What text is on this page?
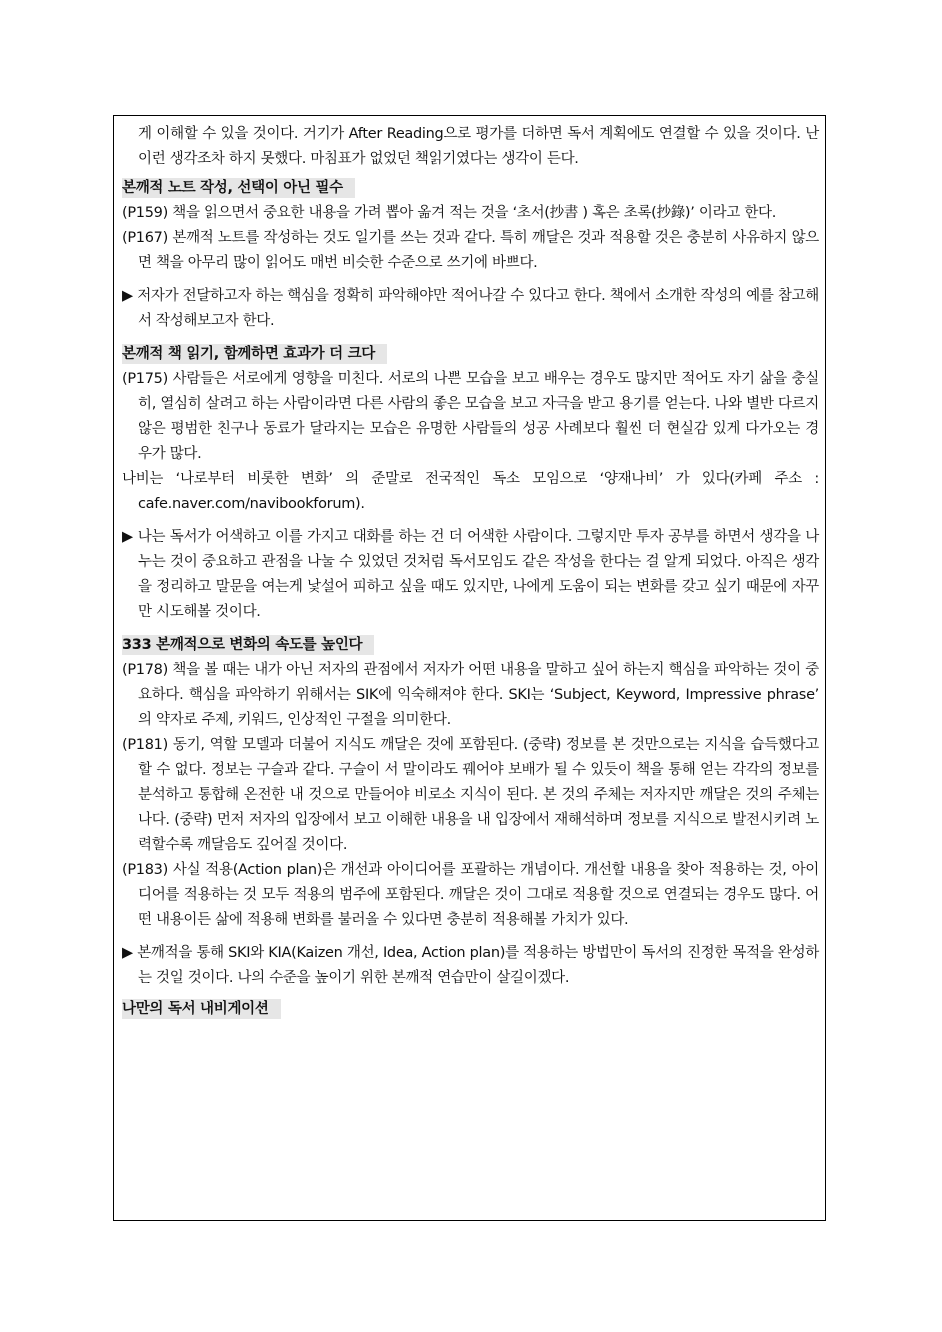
게 이해할 수 있을 것이다. 거기가 After Reading으로 평가를 더하면 독서 계획에도 연결할 수 있을 것이다. 난 이런 생각조차 하지 못했다. 마침표가 없었던 책읽기였다는 생각이 든다.

본깨적 노트 작성, 선택이 아닌 필수

(P159) 책을 읽으면서 중요한 내용을 가려 뽑아 옮겨 적는 것을 ‘초서(抄書 ) 혹은 초록(抄錄)’ 이라고 한다.

(P167) 본깨적 노트를 작성하는 것도 일기를 쓰는 것과 같다. 특히 깨달은 것과 적용할 것은 충분히 사유하지 않으면 책을 아무리 많이 읽어도 매번 비슷한 수준으로 쓰기에 바쁘다.

▶ 저자가 전달하고자 하는 핵심을 정확히 파악해야만 적어나갈 수 있다고 한다. 책에서 소개한 작성의 예를 참고해서 작성해보고자 한다.

본깨적 책 읽기, 함께하면 효과가 더 크다

(P175) 사람들은 서로에게 영향을 미친다. 서로의 나쁜 모습을 보고 배우는 경우도 많지만 적어도 자기 삶을 충실히, 열심히 살려고 하는 사람이라면 다른 사람의 좋은 모습을 보고 자극을 받고 용기를 얻는다. 나와 별반 다르지 않은 평범한 친구나 동료가 달라지는 모습은 유명한 사람들의 성공 사례보다 훨씬 더 현실감 있게 다가오는 경우가 많다.

나비는 ‘나로부터 비롯한 변화’ 의 준말로 전국적인 독소 모임으로 ‘양재나비’ 가 있다(카페 주소 : cafe.naver.com/navibookforum).

▶ 나는 독서가 어색하고 이를 가지고 대화를 하는 건 더 어색한 사람이다. 그렇지만 투자 공부를 하면서 생각을 나누는 것이 중요하고 관점을 나눌 수 있었던 것처럼 독서모임도 같은 작성을 한다는 걸 알게 되었다. 아직은 생각을 정리하고 말문을 여는게 낯설어 피하고 싶을 때도 있지만, 나에게 도움이 되는 변화를 갖고 싶기 때문에 자꾸만 시도해볼 것이다.

333 본깨적으로 변화의 속도를 높인다

(P178) 책을 볼 때는 내가 아닌 저자의 관점에서 저자가 어떤 내용을 말하고 싶어 하는지 핵심을 파악하는 것이 중요하다. 핵심을 파악하기 위해서는 SIK에 익숙해져야 한다. SKI는 ‘Subject, Keyword, Impressive phrase’ 의 약자로 주제, 키워드, 인상적인 구절을 의미한다.

(P181) 동기, 역할 모델과 더불어 지식도 깨달은 것에 포함된다. (중략) 정보를 본 것만으로는 지식을 습득했다고 할 수 없다. 정보는 구슬과 같다. 구슬이 서 말이라도 꿰어야 보배가 될 수 있듯이 책을 통해 얻는 각각의 정보를 분석하고 통합해 온전한 내 것으로 만들어야 비로소 지식이 된다. 본 것의 주체는 저자지만 깨달은 것의 주체는 나다. (중략) 먼저 저자의 입장에서 보고 이해한 내용을 내 입장에서 재해석하며 정보를 지식으로 발전시키려 노력할수록 깨달음도 깊어질 것이다.

(P183) 사실 적용(Action plan)은 개선과 아이디어를 포괄하는 개념이다. 개선할 내용을 찾아 적용하는 것, 아이디어를 적용하는 것 모두 적용의 범주에 포함된다. 깨달은 것이 그대로 적용할 것으로 연결되는 경우도 많다. 어떤 내용이든 삶에 적용해 변화를 불러올 수 있다면 충분히 적용해볼 가치가 있다.

▶ 본깨적을 통해 SKI와 KIA(Kaizen 개선, Idea, Action plan)를 적용하는 방법만이 독서의 진정한 목적을 완성하는 것일 것이다. 나의 수준을 높이기 위한 본깨적 연습만이 살길이겠다.

나만의 독서 내비게이션
